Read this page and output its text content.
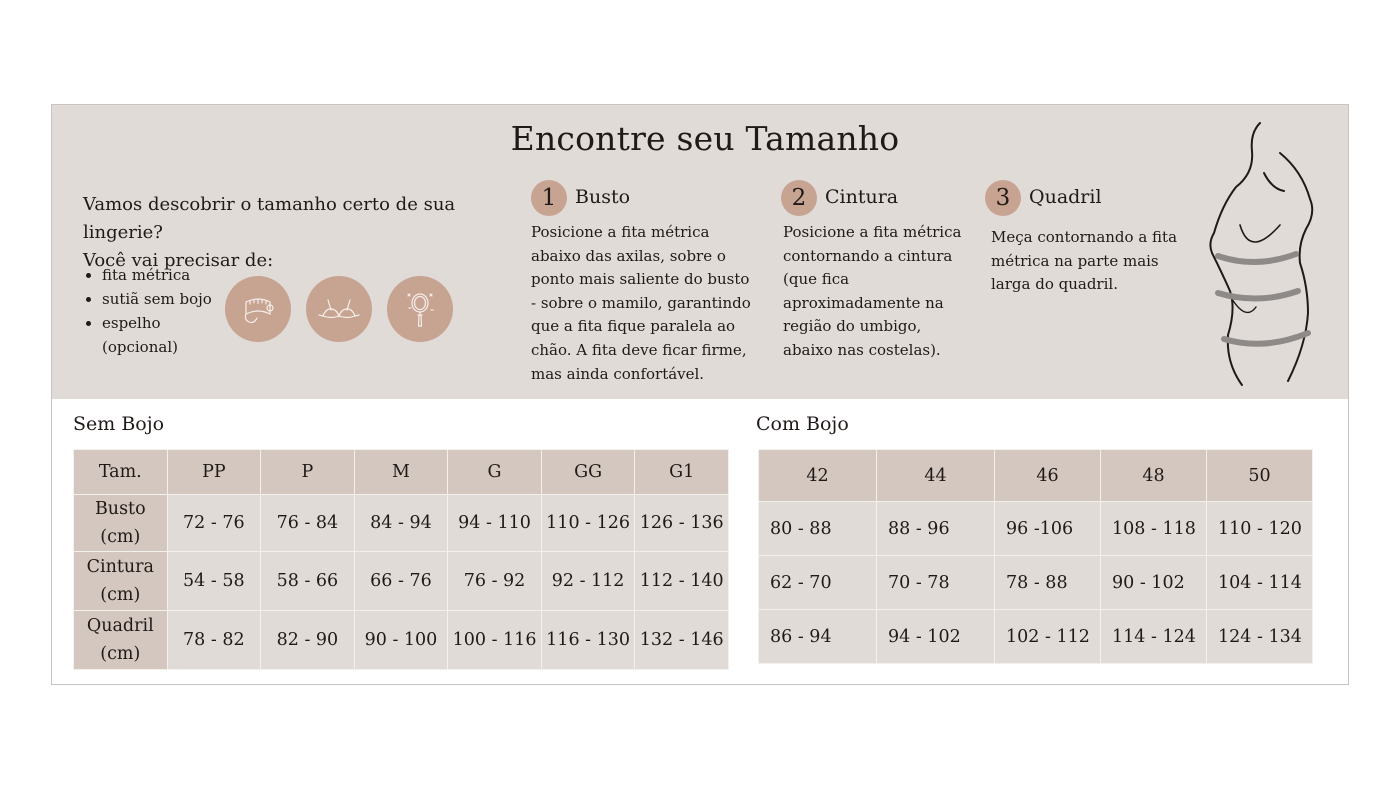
Encontre seu Tamanho
Vamos descobrir o tamanho certo de sua lingerie?
Você vai precisar de:
• fita métrica
• sutiã sem bojo
• espelho (opcional)
1 Busto
Posicione a fita métrica abaixo das axilas, sobre o ponto mais saliente do busto - sobre o mamilo, garantindo que a fita fique paralela ao chão. A fita deve ficar firme, mas ainda confortável.
2 Cintura
Posicione a fita métrica contornando a cintura (que fica aproximadamente na região do umbigo, abaixo nas costelas).
3 Quadril
Meça contornando a fita métrica na parte mais larga do quadril.
Sem Bojo	Com Bojo
Tam.	PP	P	M	G	GG	G1
Busto (cm)	72 - 76	76 - 84	84 - 94	94 - 110	110 - 126	126 - 136
Cintura (cm)	54 - 58	58 - 66	66 - 76	76 - 92	92 - 112	112 - 140
Quadril (cm)	78 - 82	82 - 90	90 - 100	100 - 116	116 - 130	132 - 146
42	44	46	48	50
80 - 88	88 - 96	96 -106	108 - 118	110 - 120
62 - 70	70 - 78	78 - 88	90 - 102	104 - 114
86 - 94	94 - 102	102 - 112	114 - 124	124 - 134
